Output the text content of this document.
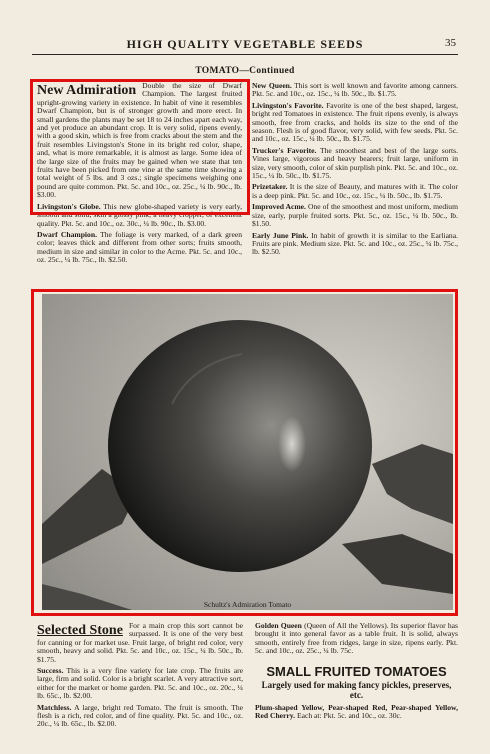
HIGH QUALITY VEGETABLE SEEDS	35
TOMATO—Continued

New Admiration Double the size of Dwarf Champion. The largest fruited upright-growing variety in existence. In habit of vine it resembles Dwarf Champion, but is of stronger growth and more erect. In small gardens the plants may be set 18 to 24 inches apart each way, and yet produce an abundant crop. It is very solid, ripens evenly, with a good skin, which is free from cracks about the stem and the fruit resembles Livingston's Stone in its bright red color, shape, and, what is more remarkable, it is almost as large. Some idea of the large size of the fruits may be gained when we state that ten fruits have been picked from one vine at the same time showing a total weight of 5 lbs. and 3 ozs.; single specimens weighing one pound are quite common. Pkt. 5c. and 10c., oz. 25c., ¼ lb. 90c., lb. $3.00.

Livingston's Globe. This new globe-shaped variety is very early, smooth and solid, skin a glossy pink; a heavy cropper, of excellent quality. Pkt. 5c. and 10c., oz. 30c., ¼ lb. 90c., lb. $3.00.

Dwarf Champion. The foliage is very marked, of a dark green color; leaves thick and different from other sorts; fruits smooth, medium in size and similar in color to the Acme. Pkt. 5c. and 10c., oz. 25c., ¼ lb. 75c., lb. $2.50.

New Queen. This sort is well known and favorite among canners. Pkt. 5c. and 10c., oz. 15c., ¼ lb. 50c., lb. $1.75.

Livingston's Favorite. Favorite is one of the best shaped, largest, bright red Tomatoes in existence. The fruit ripens evenly, is always smooth, free from cracks, and holds its size to the end of the season. Flesh is of good flavor, very solid, with few seeds. Pkt. 5c. and 10c., oz. 15c., ¼ lb. 50c., lb. $1.75.

Trucker's Favorite. The smoothest and best of the large sorts. Vines large, vigorous and heavy bearers; fruit large, uniform in size, very smooth, color of skin purplish pink. Pkt. 5c. and 10c., oz. 15c., ¼ lb. 50c., lb. $1.75.

Prizetaker. It is the size of Beauty, and matures with it. The color is a deep pink. Pkt. 5c. and 10c., oz. 15c., ¼ lb. 50c., lb. $1.75.

Improved Acme. One of the smoothest and most uniform, medium size, early, purple fruited sorts. Pkt. 5c., oz. 15c., ¼ lb. 50c., lb. $1.50.

Early June Pink. In habit of growth it is similar to the Earliana. Fruits are pink. Medium size. Pkt. 5c. and 10c., oz. 25c., ¼ lb. 75c., lb. $2.50.

Schultz's Admiration Tomato

Selected Stone For a main crop this sort cannot be surpassed. It is one of the very best for canning or for market use. Fruit large, of bright red color, very smooth, heavy and solid. Pkt. 5c. and 10c., oz. 15c., ¼ lb. 50c., lb. $1.75.

Success. This is a very fine variety for late crop. The fruits are large, firm and solid. Color is a bright scarlet. A very attractive sort, either for the market or home garden. Pkt. 5c. and 10c., oz. 20c., ¼ lb. 65c., lb. $2.00.

Matchless. A large, bright red Tomato. The fruit is smooth. The flesh is a rich, red color, and of fine quality. Pkt. 5c. and 10c., oz. 20c., ¼ lb. 65c., lb. $2.00.

Golden Queen (Queen of All the Yellows). Its superior flavor has brought it into general favor as a table fruit. It is solid, always smooth, entirely free from ridges, large in size, ripens early. Pkt. 5c. and 10c., oz. 25c., ¼ lb. 75c.

SMALL FRUITED TOMATOES
Largely used for making fancy pickles, preserves, etc.

Plum-shaped Yellow, Pear-shaped Red, Pear-shaped Yellow, Red Cherry. Each at: Pkt. 5c. and 10c., oz. 30c.
